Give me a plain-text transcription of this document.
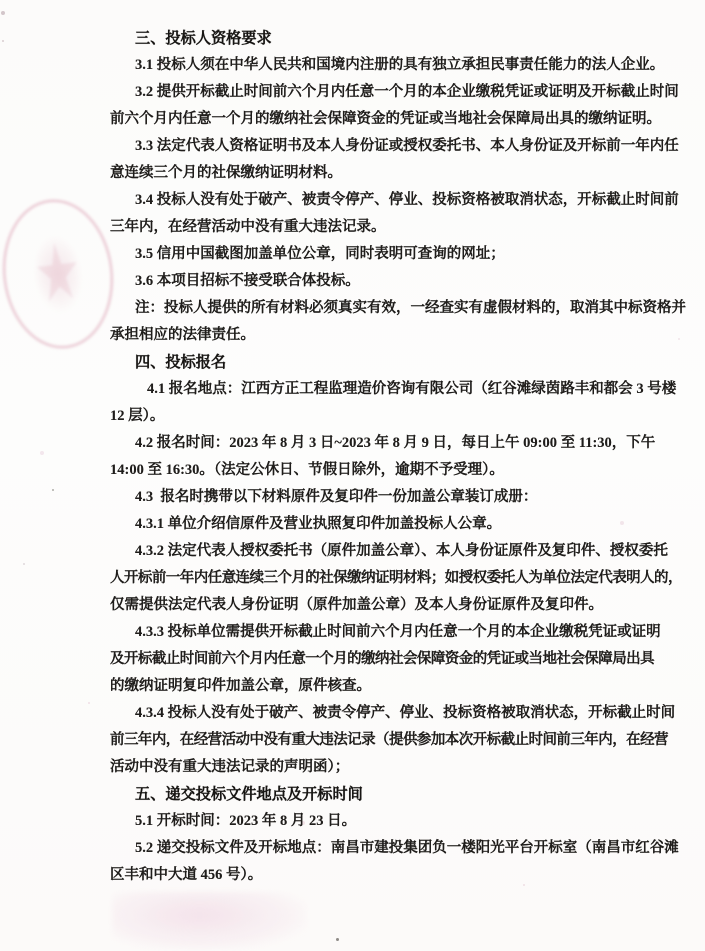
三、投标人资格要求
3.1 投标人须在中华人民共和国境内注册的具有独立承担民事责任能力的法人企业。
3.2 提供开标截止时间前六个月内任意一个月的本企业缴税凭证或证明及开标截止时间
前六个月内任意一个月的缴纳社会保障资金的凭证或当地社会保障局出具的缴纳证明。
3.3 法定代表人资格证明书及本人身份证或授权委托书、本人身份证及开标前一年内任
意连续三个月的社保缴纳证明材料。
3.4 投标人没有处于破产、被责令停产、停业、投标资格被取消状态，开标截止时间前
三年内，在经营活动中没有重大违法记录。
3.5 信用中国截图加盖单位公章，同时表明可查询的网址；
3.6 本项目招标不接受联合体投标。
注：投标人提供的所有材料必须真实有效，一经查实有虚假材料的，取消其中标资格并
承担相应的法律责任。
四、投标报名
4.1 报名地点：江西方正工程监理造价咨询有限公司（红谷滩绿茵路丰和都会 3 号楼
12 层）。
4.2 报名时间：2023 年 8 月 3 日~2023 年 8 月 9 日，每日上午 09:00 至 11:30，下午
14:00 至 16:30。（法定公休日、节假日除外，逾期不予受理）。
4.3  报名时携带以下材料原件及复印件一份加盖公章装订成册：
4.3.1 单位介绍信原件及营业执照复印件加盖投标人公章。
4.3.2 法定代表人授权委托书（原件加盖公章）、本人身份证原件及复印件、授权委托
人开标前一年内任意连续三个月的社保缴纳证明材料；如授权委托人为单位法定代表明人的，
仅需提供法定代表人身份证明（原件加盖公章）及本人身份证原件及复印件。
4.3.3 投标单位需提供开标截止时间前六个月内任意一个月的本企业缴税凭证或证明
及开标截止时间前六个月内任意一个月的缴纳社会保障资金的凭证或当地社会保障局出具
的缴纳证明复印件加盖公章，原件核查。
4.3.4 投标人没有处于破产、被责令停产、停业、投标资格被取消状态，开标截止时间
前三年内，在经营活动中没有重大违法记录（提供参加本次开标截止时间前三年内，在经营
活动中没有重大违法记录的声明函）；
五、递交投标文件地点及开标时间
5.1 开标时间：2023 年 8 月 23 日。
5.2 递交投标文件及开标地点：南昌市建投集团负一楼阳光平台开标室（南昌市红谷滩
区丰和中大道 456 号）。
